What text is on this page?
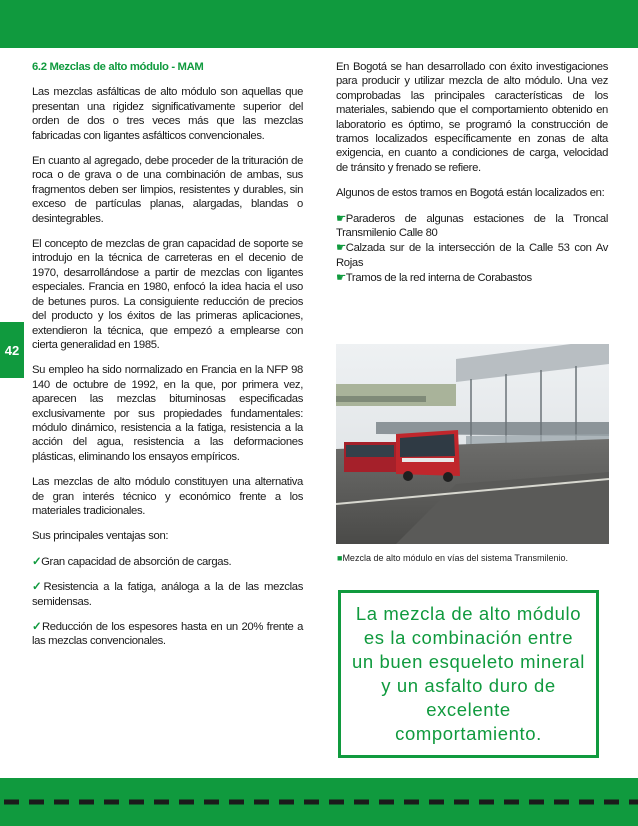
42

6.2 Mezclas de alto módulo - MAM

Las mezclas asfálticas de alto módulo son aquellas que presentan una rigidez significativamente superior del orden de dos o tres veces más que las mezclas fabricadas con ligantes asfálticos convencionales.

En cuanto al agregado, debe proceder de la trituración de roca o de grava o de una combinación de ambas, sus fragmentos deben ser limpios, resistentes y durables, sin exceso de partículas planas, alargadas, blandas o desintegrables.

El concepto de mezclas de gran capacidad de soporte se introdujo en la técnica de carreteras en el decenio de 1970, desarrollándose a partir de mezclas con ligantes especiales. Francia en 1980, enfocó la idea hacia el uso de betunes puros. La consiguiente reducción de precios del producto y los éxitos de las primeras aplicaciones, extendieron la técnica, que empezó a emplearse con cierta generalidad en 1985.

Su empleo ha sido normalizado en Francia en la NFP 98 140 de octubre de 1992, en la que, por primera vez, aparecen las mezclas bituminosas especificadas exclusivamente por sus propiedades fundamentales: módulo dinámico, resistencia a la fatiga, resistencia a la acción del agua, resistencia a las deformaciones plásticas, eliminando los ensayos empíricos.

Las mezclas de alto módulo constituyen una alternativa de gran interés técnico y económico frente a los materiales tradicionales.

Sus principales ventajas son:

✓Gran capacidad de absorción de cargas.

✓Resistencia a la fatiga, análoga a la de las mezclas semidensas.

✓Reducción de los espesores hasta en un 20% frente a las mezclas convencionales.

En Bogotá se han desarrollado con éxito investigaciones para producir y utilizar mezcla de alto módulo. Una vez comprobadas las principales características de los materiales, sabiendo que el comportamiento obtenido en laboratorio es óptimo, se programó la construcción de tramos localizados específicamente en zonas de alta exigencia, en cuanto a condiciones de carga, velocidad de tránsito y frenado se refiere.

Algunos de estos tramos en Bogotá están localizados en:

☛Paraderos de algunas estaciones de la Troncal Transmilenio Calle 80

☛Calzada sur de la intersección de la Calle 53 con Av Rojas

☛Tramos de la red interna de Corabastos

■Mezcla de alto módulo en vías del sistema Transmilenio.
La mezcla de alto módulo es la combinación entre un buen esqueleto mineral y un asfalto duro de excelente comportamiento.
